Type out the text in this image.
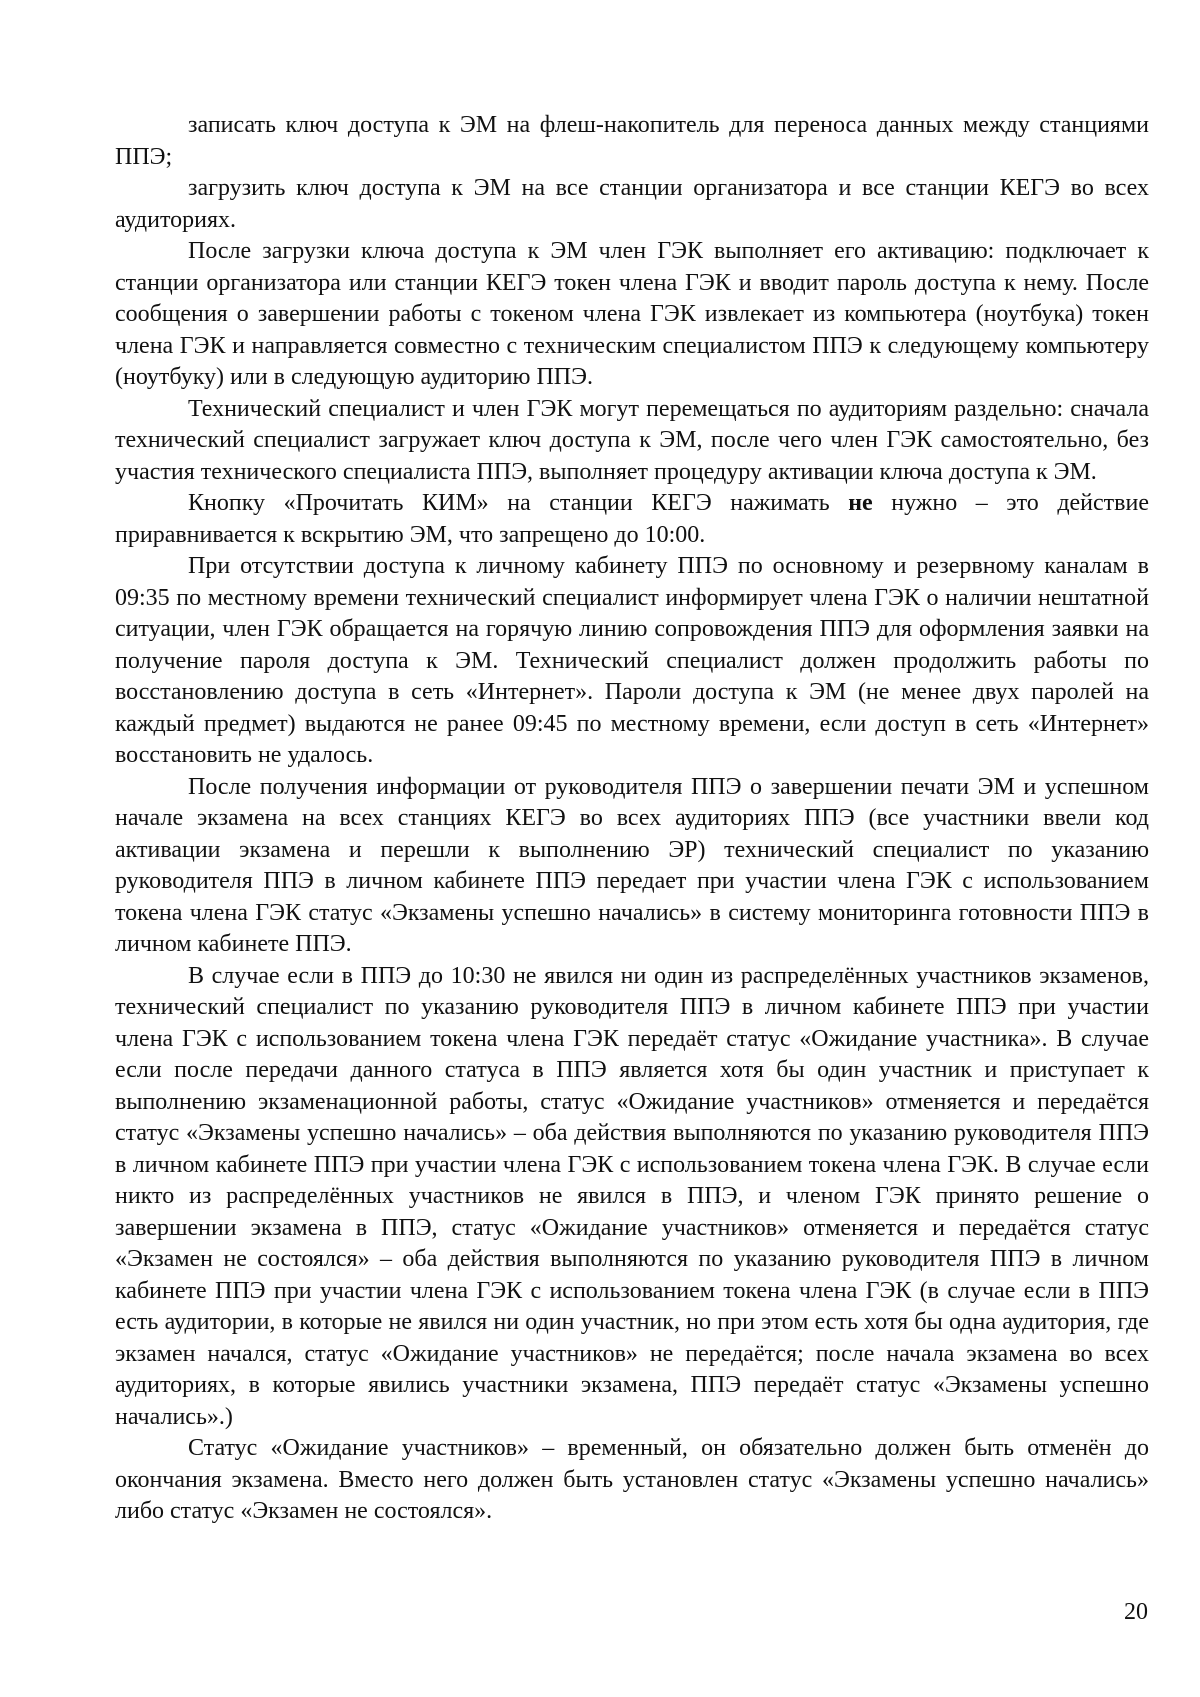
записать ключ доступа к ЭМ на флеш-накопитель для переноса данных между станциями ППЭ;

загрузить ключ доступа к ЭМ на все станции организатора и все станции КЕГЭ во всех аудиториях.

После загрузки ключа доступа к ЭМ член ГЭК выполняет его активацию: подключает к станции организатора или станции КЕГЭ токен члена ГЭК и вводит пароль доступа к нему. После сообщения о завершении работы с токеном члена ГЭК извлекает из компьютера (ноутбука) токен члена ГЭК и направляется совместно с техническим специалистом ППЭ к следующему компьютеру (ноутбуку) или в следующую аудиторию ППЭ.

Технический специалист и член ГЭК могут перемещаться по аудиториям раздельно: сначала технический специалист загружает ключ доступа к ЭМ, после чего член ГЭК самостоятельно, без участия технического специалиста ППЭ, выполняет процедуру активации ключа доступа к ЭМ.

Кнопку «Прочитать КИМ» на станции КЕГЭ нажимать не нужно – это действие приравнивается к вскрытию ЭМ, что запрещено до 10:00.

При отсутствии доступа к личному кабинету ППЭ по основному и резервному каналам в 09:35 по местному времени технический специалист информирует члена ГЭК о наличии нештатной ситуации, член ГЭК обращается на горячую линию сопровождения ППЭ для оформления заявки на получение пароля доступа к ЭМ. Технический специалист должен продолжить работы по восстановлению доступа в сеть «Интернет». Пароли доступа к ЭМ (не менее двух паролей на каждый предмет) выдаются не ранее 09:45 по местному времени, если доступ в сеть «Интернет» восстановить не удалось.

После получения информации от руководителя ППЭ о завершении печати ЭМ и успешном начале экзамена на всех станциях КЕГЭ во всех аудиториях ППЭ (все участники ввели код активации экзамена и перешли к выполнению ЭР) технический специалист по указанию руководителя ППЭ в личном кабинете ППЭ передает при участии члена ГЭК с использованием токена члена ГЭК статус «Экзамены успешно начались» в систему мониторинга готовности ППЭ в личном кабинете ППЭ.

В случае если в ППЭ до 10:30 не явился ни один из распределённых участников экзаменов, технический специалист по указанию руководителя ППЭ в личном кабинете ППЭ при участии члена ГЭК с использованием токена члена ГЭК передаёт статус «Ожидание участника». В случае если после передачи данного статуса в ППЭ является хотя бы один участник и приступает к выполнению экзаменационной работы, статус «Ожидание участников» отменяется и передаётся статус «Экзамены успешно начались» – оба действия выполняются по указанию руководителя ППЭ в личном кабинете ППЭ при участии члена ГЭК с использованием токена члена ГЭК. В случае если никто из распределённых участников не явился в ППЭ, и членом ГЭК принято решение о завершении экзамена в ППЭ, статус «Ожидание участников» отменяется и передаётся статус «Экзамен не состоялся» – оба действия выполняются по указанию руководителя ППЭ в личном кабинете ППЭ при участии члена ГЭК с использованием токена члена ГЭК (в случае если в ППЭ есть аудитории, в которые не явился ни один участник, но при этом есть хотя бы одна аудитория, где экзамен начался, статус «Ожидание участников» не передаётся; после начала экзамена во всех аудиториях, в которые явились участники экзамена, ППЭ передаёт статус «Экзамены успешно начались».)

Статус «Ожидание участников» – временный, он обязательно должен быть отменён до окончания экзамена. Вместо него должен быть установлен статус «Экзамены успешно начались» либо статус «Экзамен не состоялся».

20
